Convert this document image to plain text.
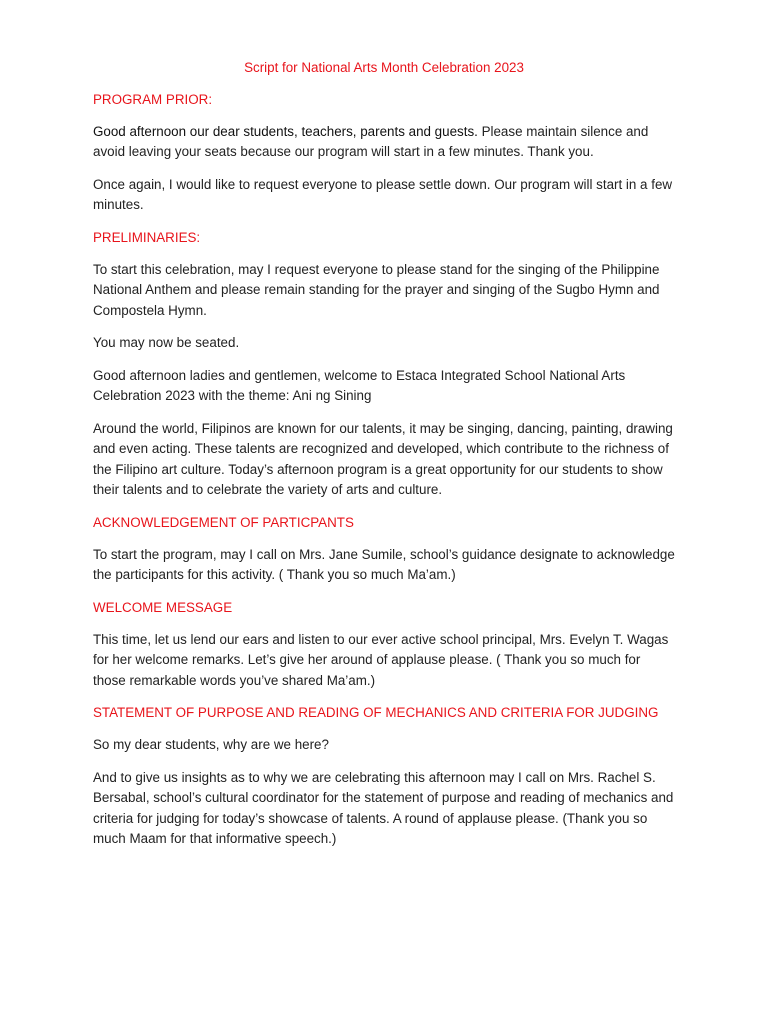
Script for National Arts Month Celebration 2023
PROGRAM PRIOR:

Good afternoon our dear students, teachers, parents and guests. Please maintain silence and avoid leaving your seats because our program will start in a few minutes. Thank you.

Once again, I would like to request everyone to please settle down. Our program will start in a few minutes.

PRELIMINARIES:

To start this celebration, may I request everyone to please stand for the singing of the Philippine National Anthem and please remain standing for the prayer and singing of the Sugbo Hymn and Compostela Hymn.

You may now be seated.

Good afternoon ladies and gentlemen, welcome to Estaca Integrated School National Arts Celebration 2023 with the theme: Ani ng Sining

Around the world, Filipinos are known for our talents, it may be singing, dancing, painting, drawing and even acting. These talents are recognized and developed, which contribute to the richness of the Filipino art culture. Today’s afternoon program is a great opportunity for our students to show their talents and to celebrate the variety of arts and culture.

ACKNOWLEDGEMENT OF PARTICPANTS

To start the program, may I call on Mrs. Jane Sumile, school’s guidance designate to acknowledge the participants for this activity. ( Thank you so much Ma’am.)

WELCOME MESSAGE

This time, let us lend our ears and listen to our ever active school principal, Mrs. Evelyn T. Wagas for her welcome remarks. Let’s give her around of applause please. ( Thank you so much for those remarkable words you’ve shared Ma’am.)

STATEMENT OF PURPOSE AND READING OF MECHANICS AND CRITERIA FOR JUDGING

So my dear students, why are we here?

And to give us insights as to why we are celebrating this afternoon may I call on Mrs. Rachel S. Bersabal, school’s cultural coordinator for the statement of purpose and reading of mechanics and criteria for judging for today’s showcase of talents. A round of applause please. (Thank you so much Maam for that informative speech.)
